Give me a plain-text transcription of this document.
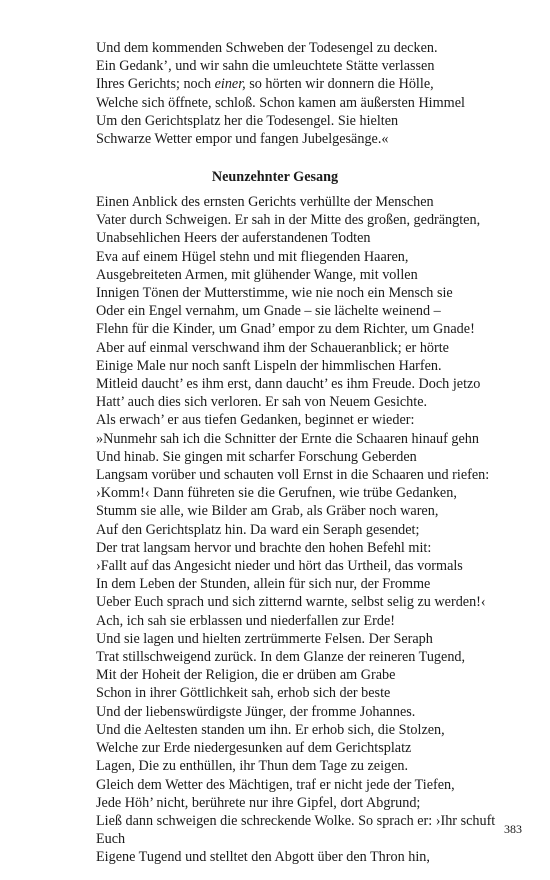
Und dem kommenden Schweben der Todesengel zu decken.
Ein Gedank’, und wir sahn die umleuchtete Stätte verlassen
Ihres Gerichts; noch einer, so hörten wir donnern die Hölle,
Welche sich öffnete, schloß. Schon kamen am äußersten Himmel
Um den Gerichtsplatz her die Todesengel. Sie hielten
Schwarze Wetter empor und fangen Jubelgesänge.«
Neunzehnter Gesang
Einen Anblick des ernsten Gerichts verhüllte der Menschen
Vater durch Schweigen. Er sah in der Mitte des großen, gedrängten,
Unabsehlichen Heers der auferstandenen Todten
Eva auf einem Hügel stehn und mit fliegenden Haaren,
Ausgebreiteten Armen, mit glühender Wange, mit vollen
Innigen Tönen der Mutterstimme, wie nie noch ein Mensch sie
Oder ein Engel vernahm, um Gnade – sie lächelte weinend –
Flehn für die Kinder, um Gnad’ empor zu dem Richter, um Gnade!
Aber auf einmal verschwand ihm der Schaueranblick; er hörte
Einige Male nur noch sanft Lispeln der himmlischen Harfen.
Mitleid daucht’ es ihm erst, dann daucht’ es ihm Freude. Doch jetzo
Hatt’ auch dies sich verloren. Er sah von Neuem Gesichte.
Als erwach’ er aus tiefen Gedanken, beginnet er wieder:
»Nunmehr sah ich die Schnitter der Ernte die Schaaren hinauf gehn
Und hinab. Sie gingen mit scharfer Forschung Geberden
Langsam vorüber und schauten voll Ernst in die Schaaren und riefen:
›Komm!‹ Dann führeten sie die Gerufnen, wie trübe Gedanken,
Stumm sie alle, wie Bilder am Grab, als Gräber noch waren,
Auf den Gerichtsplatz hin. Da ward ein Seraph gesendet;
Der trat langsam hervor und brachte den hohen Befehl mit:
›Fallt auf das Angesicht nieder und hört das Urtheil, das vormals
In dem Leben der Stunden, allein für sich nur, der Fromme
Ueber Euch sprach und sich zitternd warnte, selbst selig zu werden!‹
Ach, ich sah sie erblassen und niederfallen zur Erde!
Und sie lagen und hielten zertrümmerte Felsen. Der Seraph
Trat stillschweigend zurück. In dem Glanze der reineren Tugend,
Mit der Hoheit der Religion, die er drüben am Grabe
Schon in ihrer Göttlichkeit sah, erhob sich der beste
Und der liebenswürdigste Jünger, der fromme Johannes.
Und die Aeltesten standen um ihn. Er erhob sich, die Stolzen,
Welche zur Erde niedergesunken auf dem Gerichtsplatz
Lagen, Die zu enthüllen, ihr Thun dem Tage zu zeigen.
Gleich dem Wetter des Mächtigen, traf er nicht jede der Tiefen,
Jede Höh’ nicht, berührete nur ihre Gipfel, dort Abgrund;
Ließ dann schweigen die schreckende Wolke. So sprach er: ›Ihr schuft
Euch
Eigene Tugend und stelltet den Abgott über den Thron hin,
383
